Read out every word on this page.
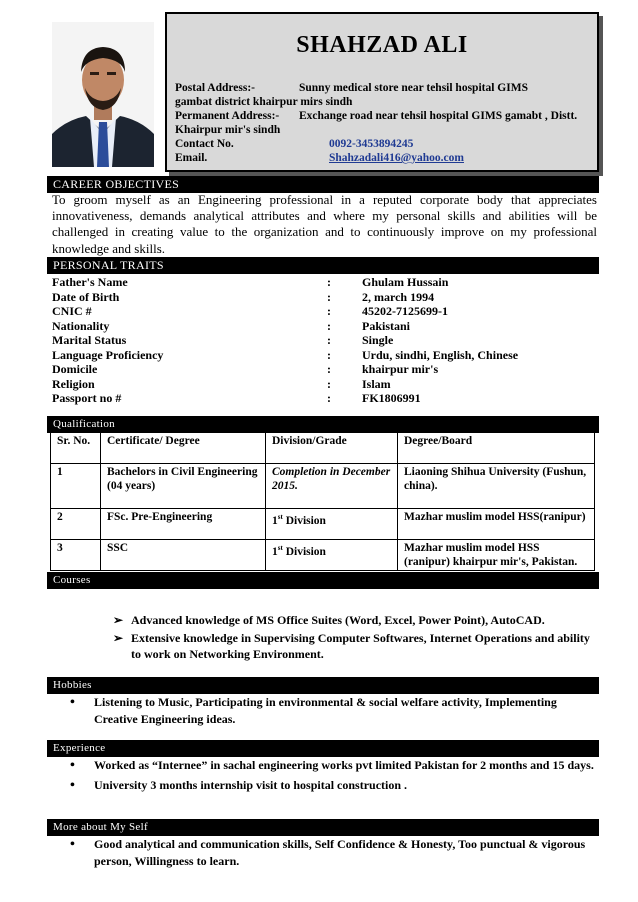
SHAHZAD ALI
Postal Address:-	Sunny medical store near tehsil hospital GIMS
gambat district khairpur mirs sindh
Permanent Address:- Exchange road near tehsil hospital GIMS gamabt , Distt.
Khairpur mir's sindh
Contact No.	0092-3453894245
Email.	Shahzadali416@yahoo.com
CAREER OBJECTIVES
To groom myself as an Engineering professional in a reputed corporate body that appreciates innovativeness, demands analytical attributes and where my personal skills and abilities will be challenged in creating value to the organization and to continuously improve on my professional knowledge and skills.
PERSONAL TRAITS
Father's Name	:	Ghulam Hussain
Date of Birth	:	2, march 1994
CNIC #	:	45202-7125699-1
Nationality	:	Pakistani
Marital Status	:	Single
Language Proficiency	:	Urdu, sindhi, English, Chinese
Domicile	:	khairpur mir's
Religion	:	Islam
Passport no #	:	FK1806991
Qualification
Sr. No.	Certificate/ Degree	Division/Grade	Degree/Board
1	Bachelors in Civil Engineering (04 years)	Completion in December 2015.	Liaoning Shihua University (Fushun, china).
2	FSc. Pre-Engineering	1st Division	Mazhar muslim model HSS(ranipur)
3	SSC	1st Division	Mazhar muslim model HSS (ranipur) khairpur mir's, Pakistan.
Courses
➢ Advanced knowledge of MS Office Suites (Word, Excel, Power Point), AutoCAD.
➢ Extensive knowledge in Supervising Computer Softwares, Internet Operations and ability to work on Networking Environment.
Hobbies
• Listening to Music, Participating in environmental & social welfare activity, Implementing Creative Engineering ideas.
Experience
• Worked as “Internee” in sachal engineering works pvt limited Pakistan for 2 months and 15 days.
• University 3 months internship visit to hospital construction .
More about My Self
• Good analytical and communication skills, Self Confidence & Honesty, Too punctual & vigorous person, Willingness to learn.
